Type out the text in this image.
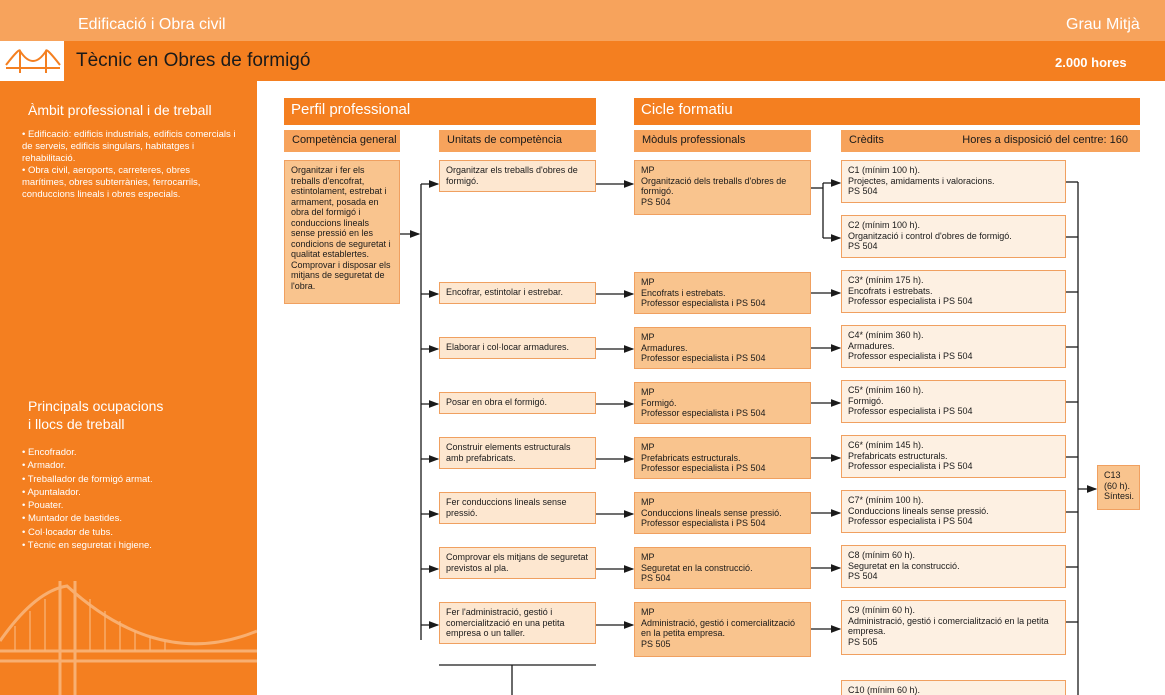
Edificació i Obra civil	Grau Mitjà
Tècnic en Obres de formigó	2.000 hores
Àmbit professional i de treball
• Edificació: edificis industrials, edificis comercials i de serveis, edificis singulars, habitatges i rehabilitació.
• Obra civil, aeroports, carreteres, obres marítimes, obres subterrànies, ferrocarrils, conduccions lineals i obres especials.
Principals ocupacions
i llocs de treball
• Encofrador.
• Armador.
• Treballador de formigó armat.
• Apuntalador.
• Pouater.
• Muntador de bastides.
• Col·locador de tubs.
• Tècnic en seguretat i higiene.
Perfil professional	Cicle formatiu
Competència general	Unitats de competència	Mòduls professionals	Crèdits	Hores a disposició del centre: 160
Organitzar i fer els treballs d'encofrat, estintolament, estrebat i armament, posada en obra del formigó i conduccions lineals sense pressió en les condicions de seguretat i qualitat establertes. Comprovar i disposar els mitjans de seguretat de l'obra.
Organitzar els treballs d'obres de formigó.
Encofrar, estintolar i estrebar.
Elaborar i col·locar armadures.
Posar en obra el formigó.
Construir elements estructurals amb prefabricats.
Fer conduccions lineals sense pressió.
Comprovar els mitjans de seguretat previstos al pla.
Fer l'administració, gestió i comercialització en una petita empresa o un taller.
MP
Organització dels treballs d'obres de formigó.
PS 504
MP
Encofrats i estrebats.
Professor especialista i PS 504
MP
Armadures.
Professor especialista i PS 504
MP
Formigó.
Professor especialista i PS 504
MP
Prefabricats estructurals.
Professor especialista i PS 504
MP
Conduccions lineals sense pressió.
Professor especialista i PS 504
MP
Seguretat en la construcció.
PS 504
MP
Administració, gestió i comercialització en la petita empresa.
PS 505
C1 (mínim 100 h).
Projectes, amidaments i valoracions.
PS 504
C2 (mínim 100 h).
Organització i control d'obres de formigó.
PS 504
C3* (mínim 175 h).
Encofrats i estrebats.
Professor especialista i PS 504
C4* (mínim 360 h).
Armadures.
Professor especialista i PS 504
C5* (mínim 160 h).
Formigó.
Professor especialista i PS 504
C6* (mínim 145 h).
Prefabricats estructurals.
Professor especialista i PS 504
C7* (mínim 100 h).
Conduccions lineals sense pressió.
Professor especialista i PS 504
C8 (mínim 60 h).
Seguretat en la construcció.
PS 504
C9 (mínim 60 h).
Administració, gestió i comercialització en la petita empresa.
PS 505
C10 (mínim 60 h).
C13
(60 h).
Síntesi.
